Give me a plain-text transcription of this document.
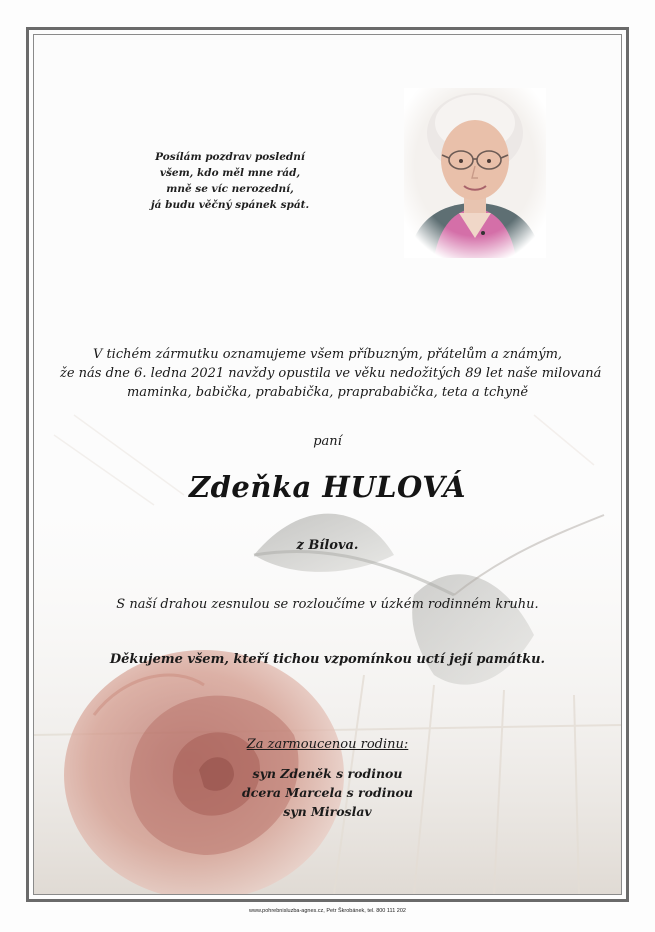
Posílám pozdrav poslední
všem, kdo měl mne rád,
mně se víc nerozední,
já budu věčný spánek spát.
V tichém zármutku oznamujeme všem příbuzným, přátelům a známým,
že nás dne 6. ledna 2021 navždy opustila ve věku nedožitých 89 let naše milovaná
maminka, babička, prababička, praprababička, teta a tchyně
paní
Zdeňka HULOVÁ
z Bílova.
S naší drahou zesnulou se rozloučíme v úzkém rodinném kruhu.
Děkujeme všem, kteří tichou vzpomínkou uctí její památku.
Za zarmoucenou rodinu:
syn Zdeněk s rodinou
dcera Marcela s rodinou
syn Miroslav
www.pohrebnisluzba-agnes.cz, Petr Škrobánek, tel. 800 111 202
